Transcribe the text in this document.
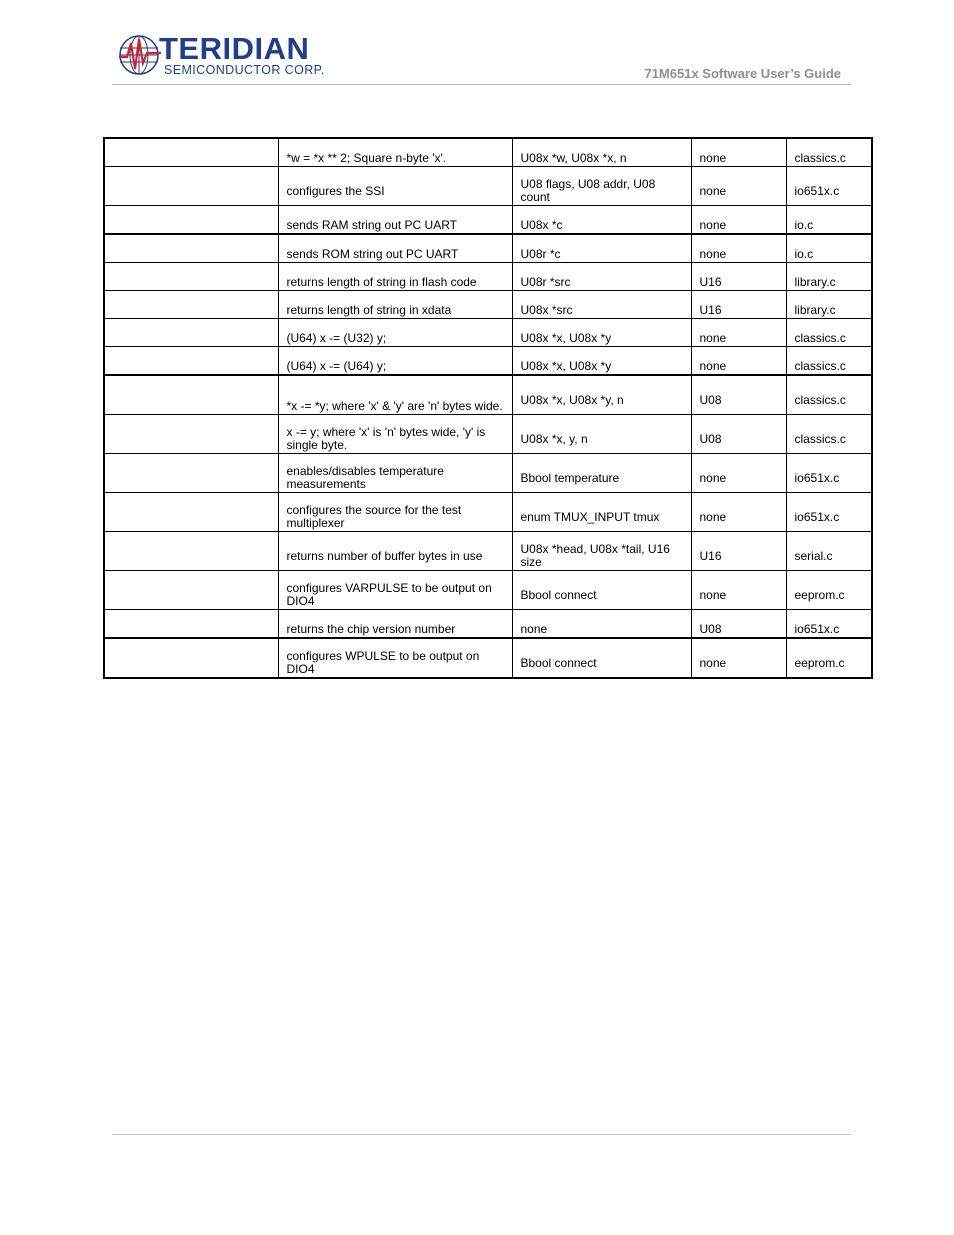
TERIDIAN
SEMICONDUCTOR CORP.	71M651x Software User’s Guide

	*w = *x ** 2; Square n-byte 'x'.	U08x *w, U08x *x, n	none	classics.c

	configures the SSI	U08 flags, U08 addr, U08 count	none	io651x.c

	sends RAM string out PC UART	U08x *c	none	io.c

	sends ROM string out PC UART	U08r *c	none	io.c

	returns length of string in flash code	U08r *src	U16	library.c

	returns length of string in xdata	U08x *src	U16	library.c

	(U64) x -= (U32) y;	U08x *x, U08x *y	none	classics.c

	(U64) x -= (U64) y;	U08x *x, U08x *y	none	classics.c

	*x -= *y; where 'x' & 'y' are 'n' bytes wide.	U08x *x, U08x *y, n	U08	classics.c

	x -= y; where 'x' is 'n' bytes wide, 'y' is single byte.	U08x *x, y, n	U08	classics.c

	enables/disables temperature measurements	Bbool temperature	none	io651x.c

	configures the source for the test multiplexer	enum TMUX_INPUT tmux	none	io651x.c

	returns number of buffer bytes in use	U08x *head, U08x *tail, U16 size	U16	serial.c

	configures VARPULSE to be output on DIO4	Bbool connect	none	eeprom.c

	returns the chip version number	none	U08	io651x.c

	configures WPULSE to be output on DIO4	Bbool connect	none	eeprom.c
